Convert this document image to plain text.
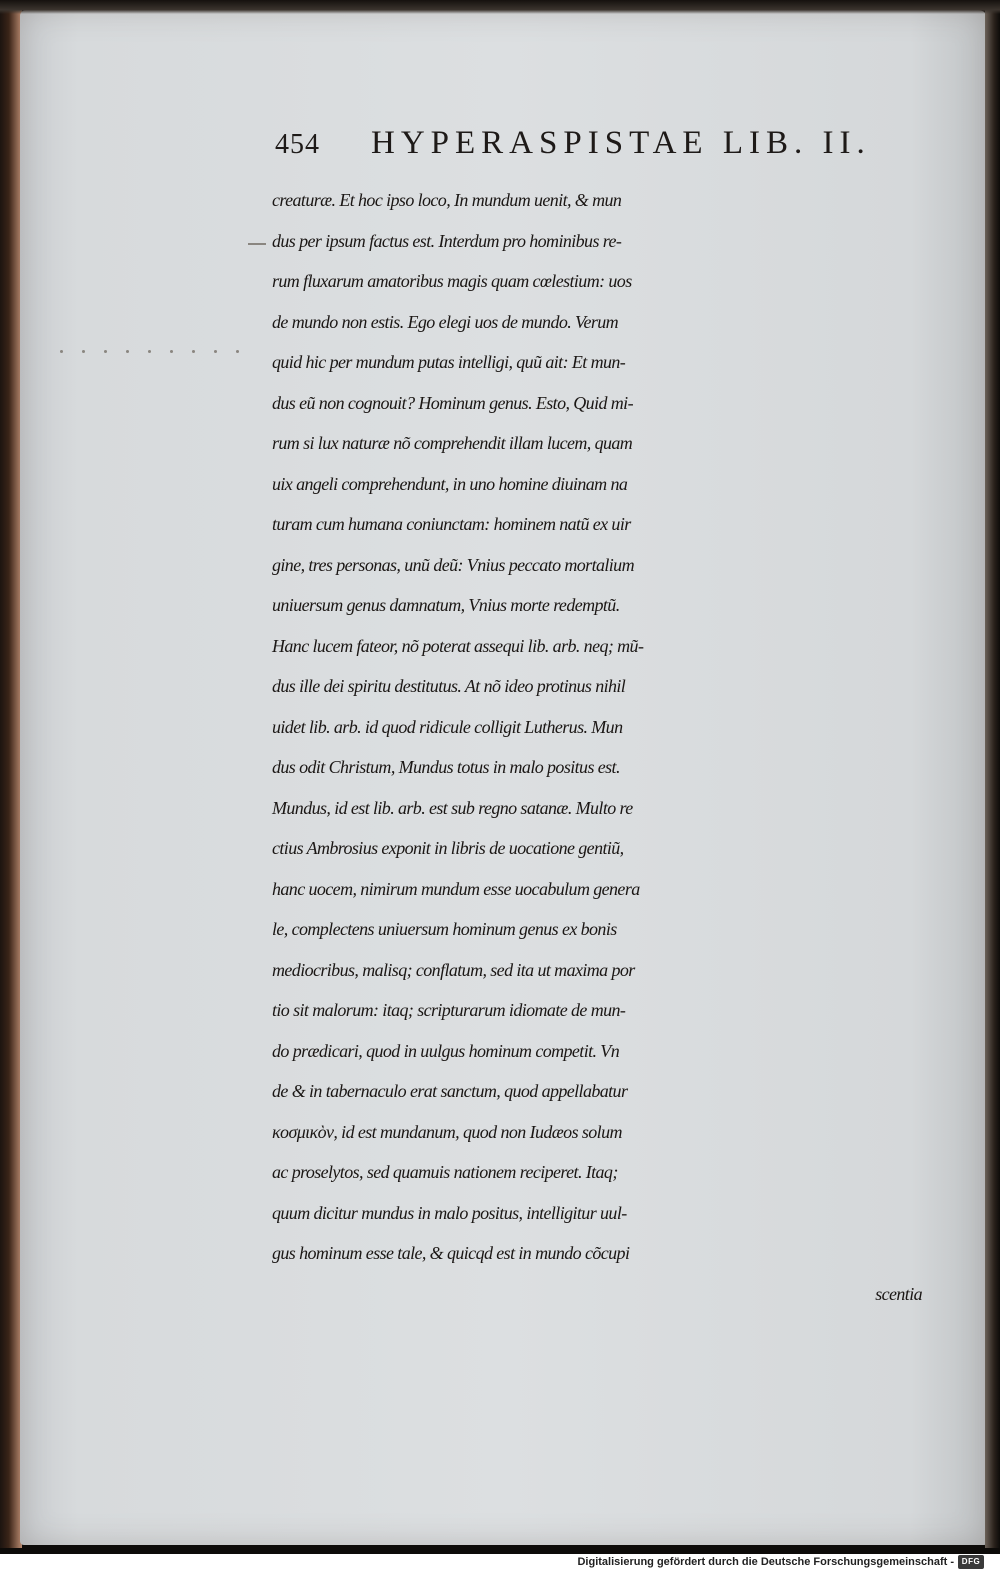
454 HYPERASPISTAE LIB. II.
creaturæ. Et hoc ipso loco, In mundum uenit, & mun
dus per ipsum factus est. Interdum pro hominibus re-
rum fluxarum amatoribus magis quam cœlestium: uos
de mundo non estis. Ego elegi uos de mundo. Verum
quid hic per mundum putas intelligi, quũ ait: Et mun-
dus eũ non cognouit? Hominum genus. Esto, Quid mi-
rum si lux naturæ nõ comprehendit illam lucem, quam
uix angeli comprehendunt, in uno homine diuinam na
turam cum humana coniunctam: hominem natũ ex uir
gine, tres personas, unũ deũ: Vnius peccato mortalium
uniuersum genus damnatum, Vnius morte redemptũ.
Hanc lucem fateor, nõ poterat assequi lib. arb. neq; mũ-
dus ille dei spiritu destitutus. At nõ ideo protinus nihil
uidet lib. arb. id quod ridicule colligit Lutherus. Mun
dus odit Christum, Mundus totus in malo positus est.
Mundus, id est lib. arb. est sub regno satanæ. Multo re
ctius Ambrosius exponit in libris de uocatione gentiũ,
hanc uocem, nimirum mundum esse uocabulum genera
le, complectens uniuersum hominum genus ex bonis
mediocribus, malisq; conflatum, sed ita ut maxima por
tio sit malorum: itaq; scripturarum idiomate de mun-
do prædicari, quod in uulgus hominum competit. Vn
de & in tabernaculo erat sanctum, quod appellabatur
κοσμικὸν, id est mundanum, quod non Iudæos solum
ac proselytos, sed quamuis nationem reciperet. Itaq;
quum dicitur mundus in malo positus, intelligitur uul-
gus hominum esse tale, & quicqd est in mundo cõcupi
scentia
Digitalisierung gefördert durch die Deutsche Forschungsgemeinschaft -
DFG
